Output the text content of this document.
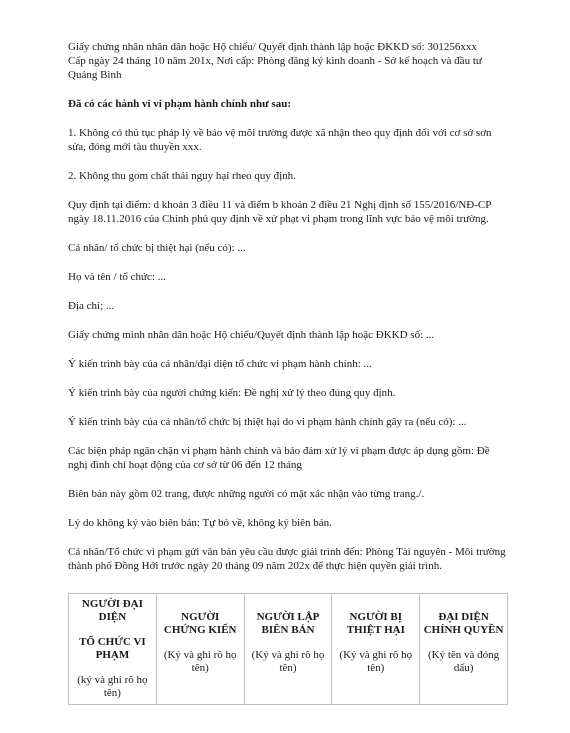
Giấy chứng nhân nhân dân hoặc Hộ chiếu/ Quyết định thành lập hoặc ĐKKD số: 301256xxx

Cấp ngày 24 tháng 10 năm 201x, Nơi cấp: Phòng đăng ký kinh doanh - Sở kế hoạch và đầu tư

Quảng Bình

Đã có các hành vi vi phạm hành chính như sau:

1. Không có thủ tục pháp lý về bảo vệ môi trường được xã nhận theo quy định đối với cơ sở sơn sửa, đóng mới tàu thuyền xxx.

2. Không thu gom chất thải nguy hại rheo quy định.

Quy định tại điểm: d khoản 3 điều 11 và điểm b khoản 2 điều 21 Nghị định số 155/2016/NĐ-CP ngày 18.11.2016 của Chính phủ quy định về xử phạt vi phạm trong lĩnh vực bảo vệ môi trường.

Cá nhân/ tổ chức bị thiệt hại (nếu có): ...

Họ và tên / tổ chức: ...

Địa chỉ; ...

Giấy chứng minh nhân dân hoặc Hộ chiếu/Quyết định thành lập hoặc ĐKKD số: ...

Ý kiến trình bày của cá nhân/đại diện tổ chức vi phạm hành chính: ...

Ý kiến trình bày của người chứng kiến: Đề nghị xử lý theo đúng quy định.

Ý kiến trình bày của cá nhân/tổ chức bị thiệt hại do vi phạm hành chính gây ra (nếu có): ...

Các biện pháp ngăn chặn vi phạm hành chính và bảo đảm xử lý vi phạm được áp dụng gồm: Đề nghị đình chỉ hoạt động của cơ sở từ 06 đến 12 tháng

Biên bản này gồm 02 trang, được những người có mặt xác nhận vào từng trang./.

Lý do không ký vào biên bản: Tự bỏ về, không ký biên bản.

Cá nhân/Tổ chức vi phạm gửi văn bản yêu cầu được giải trình đến: Phòng Tài nguyên - Môi trường thành phố Đồng Hới trước ngày 20 tháng 09 năm 202x để thực hiện quyền giải trình.

NGƯỜI ĐẠI DIỆN
TỔ CHỨC VI PHẠM
(ký và ghi rõ họ tên)

NGƯỜI CHỨNG KIẾN
(Ký và ghi rõ họ tên)

NGƯỜI LẬP BIÊN BẢN
(Ký và ghi rõ họ tên)

NGƯỜI BỊ THIỆT HẠI
(Ký và ghi rõ họ tên)

ĐẠI DIỆN CHÍNH QUYỀN
(Ký tên và đóng dấu)
